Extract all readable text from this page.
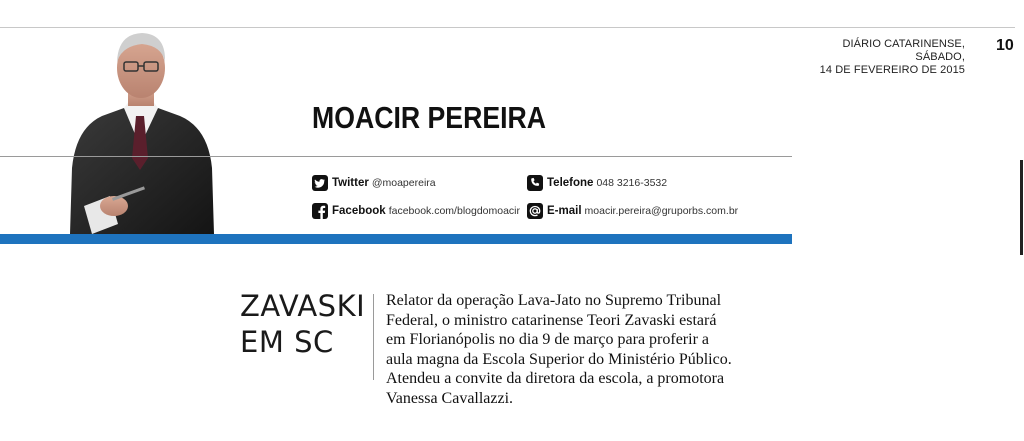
DIÁRIO CATARINENSE,
SÁBADO,
14 DE FEVEREIRO DE 2015
10
MOACIR PEREIRA
Twitter @moapereira
Facebook facebook.com/blogdomoacir
Telefone 048 3216-3532
E-mail moacir.pereira@gruporbs.com.br
ZAVASKI
EM SC
Relator da operação Lava-Jato no Supremo Tribunal
Federal, o ministro catarinense Teori Zavaski estará
em Florianópolis no dia 9 de março para proferir a
aula magna da Escola Superior do Ministério Público.
Atendeu a convite da diretora da escola, a promotora
Vanessa Cavallazzi.
